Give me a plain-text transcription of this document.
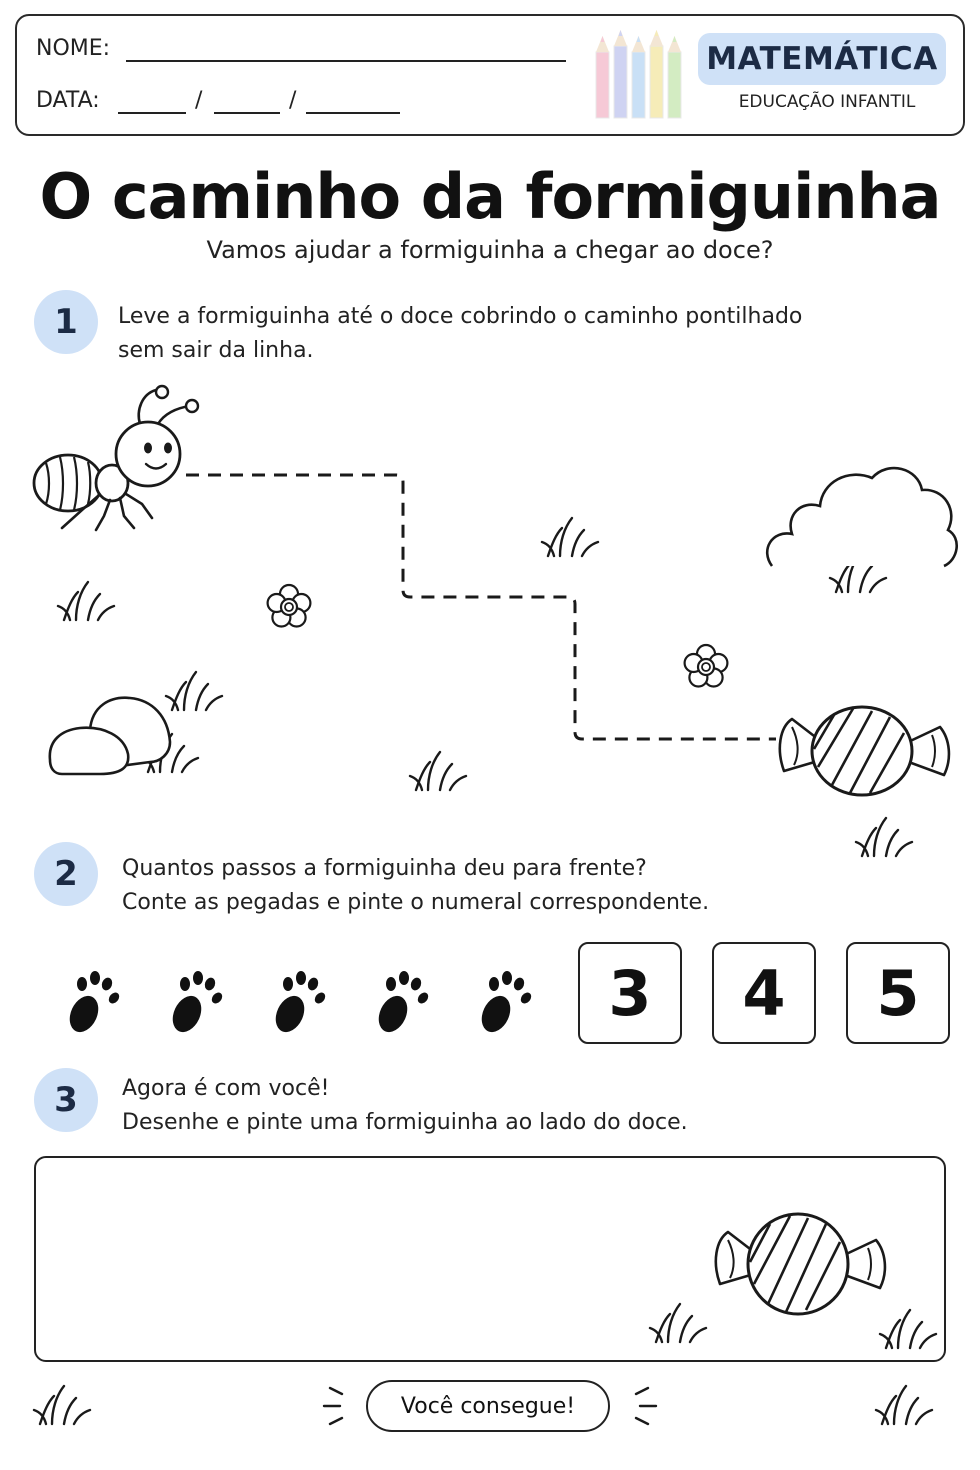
NOME:
DATA:	/	/
MATEMÁTICA
EDUCAÇÃO INFANTIL
O caminho da formiguinha
Vamos ajudar a formiguinha a chegar ao doce?
1	Leve a formiguinha até o doce cobrindo o caminho pontilhado
sem sair da linha.
2	Quantos passos a formiguinha deu para frente?
Conte as pegadas e pinte o numeral correspondente.
3	4	5
3	Agora é com você!
Desenhe e pinte uma formiguinha ao lado do doce.
Você consegue!
